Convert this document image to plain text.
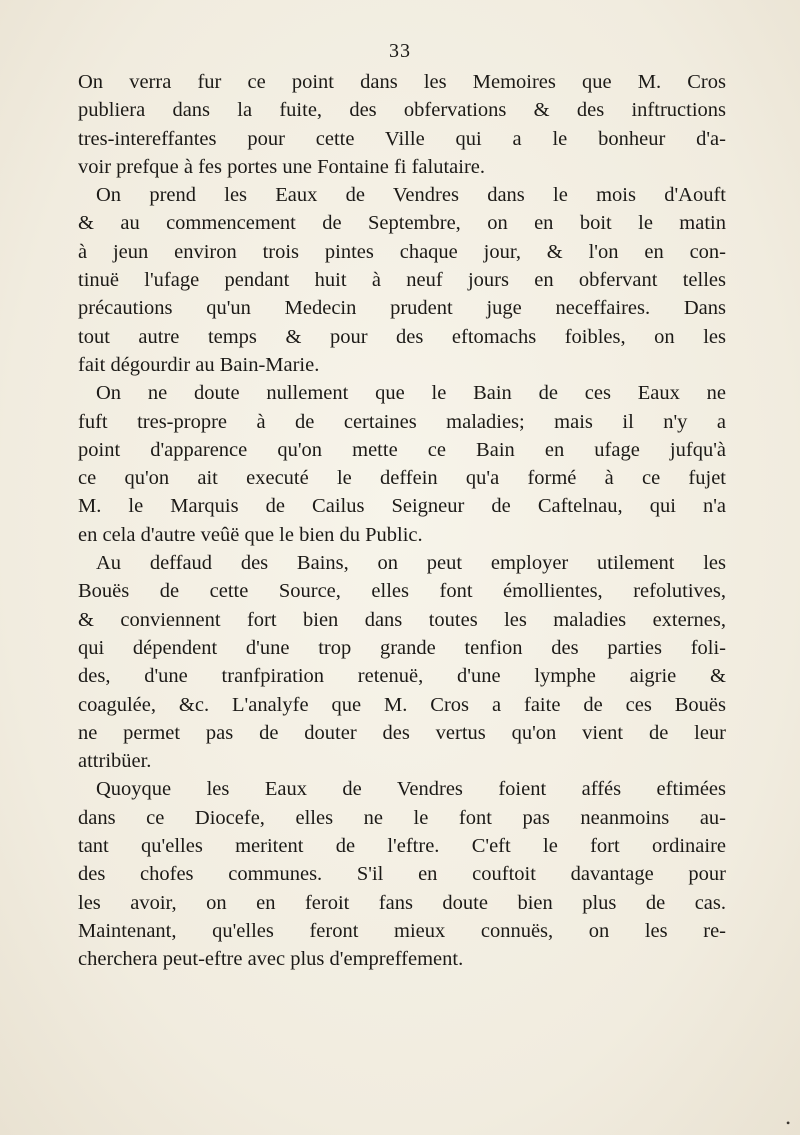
33
On verra fur ce point dans les Memoires que M. Cros
publiera dans la fuite, des obfervations & des inftructions
tres-intereffantes pour cette Ville qui a le bonheur d'a-
voir prefque à fes portes une Fontaine fi falutaire.
On prend les Eaux de Vendres dans le mois d'Aouft
& au commencement de Septembre, on en boit le matin
à jeun environ trois pintes chaque jour, & l'on en con-
tinuë l'ufage pendant huit à neuf jours en obfervant telles
précautions qu'un Medecin prudent juge neceffaires. Dans
tout autre temps & pour des eftomachs foibles, on les
fait dégourdir au Bain-Marie.
On ne doute nullement que le Bain de ces Eaux ne
fuft tres-propre à de certaines maladies; mais il n'y a
point d'apparence qu'on mette ce Bain en ufage jufqu'à
ce qu'on ait executé le deffein qu'a formé à ce fujet
M. le Marquis de Cailus Seigneur de Caftelnau, qui n'a
en cela d'autre veûë que le bien du Public.
Au deffaud des Bains, on peut employer utilement les
Bouës de cette Source, elles font émollientes, refolutives,
& conviennent fort bien dans toutes les maladies externes,
qui dépendent d'une trop grande tenfion des parties foli-
des, d'une tranfpiration retenuë, d'une lymphe aigrie &
coagulée, &c. L'analyfe que M. Cros a faite de ces Bouës
ne permet pas de douter des vertus qu'on vient de leur
attribüer.
Quoyque les Eaux de Vendres foient affés eftimées
dans ce Diocefe, elles ne le font pas neanmoins au-
tant qu'elles meritent de l'eftre. C'eft le fort ordinaire
des chofes communes. S'il en couftoit davantage pour
les avoir, on en feroit fans doute bien plus de cas.
Maintenant, qu'elles feront mieux connuës, on les re-
cherchera peut-eftre avec plus d'empreffement.
•
